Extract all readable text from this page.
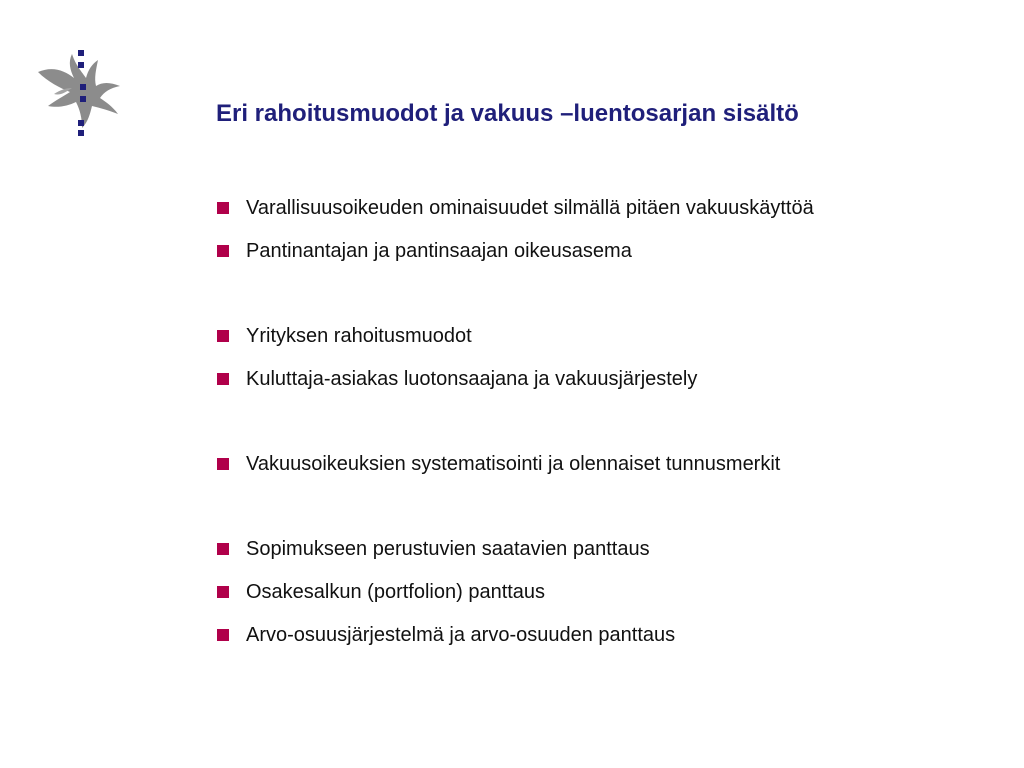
Eri rahoitusmuodot ja vakuus –luentosarjan sisältö
Varallisuusoikeuden ominaisuudet silmällä pitäen vakuuskäyttöä
Pantinantajan ja pantinsaajan oikeusasema
Yrityksen rahoitusmuodot
Kuluttaja-asiakas luotonsaajana ja vakuusjärjestely
Vakuusoikeuksien systematisointi ja olennaiset tunnusmerkit
Sopimukseen perustuvien saatavien panttaus
Osakesalkun (portfolion) panttaus
Arvo-osuusjärjestelmä ja arvo-osuuden panttaus
